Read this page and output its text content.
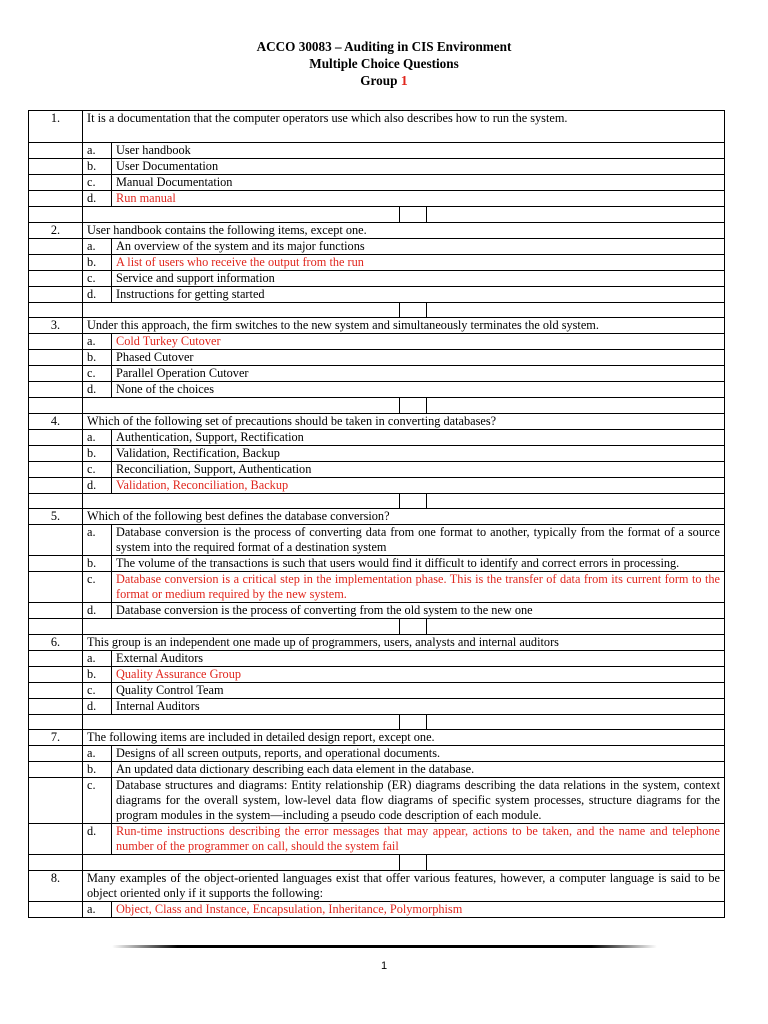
ACCO 30083 – Auditing in CIS Environment
Multiple Choice Questions
Group 1
1.	It is a documentation that the computer operators use which also describes how to run the system.			
	a.	User handbook		
	b.	User Documentation		
	c.	Manual Documentation		
	d.	Run manual		

2.	User handbook contains the following items, except one.			
	a.	An overview of the system and its major functions		
	b.	A list of users who receive the output from the run		
	c.	Service and support information		
	d.	Instructions for getting started		

3.	Under this approach, the firm switches to the new system and simultaneously terminates the old system.			
	a.	Cold Turkey Cutover		
	b.	Phased Cutover		
	c.	Parallel Operation Cutover		
	d.	None of the choices		

4.	Which of the following set of precautions should be taken in converting databases?			
	a.	Authentication, Support, Rectification		
	b.	Validation, Rectification, Backup		
	c.	Reconciliation, Support, Authentication		
	d.	Validation, Reconciliation, Backup		

5.	Which of the following best defines the database conversion?			
	a.	Database conversion is the process of converting data from one format to another, typically from the format of a source system into the required format of a destination system		
	b.	The volume of the transactions is such that users would find it difficult to identify and correct errors in processing.		
	c.	Database conversion is a critical step in the implementation phase. This is the transfer of data from its current form to the format or medium required by the new system.		
	d.	Database conversion is the process of converting from the old system to the new one		

6.	This group is an independent one made up of programmers, users, analysts and internal auditors			
	a.	External Auditors		
	b.	Quality Assurance Group		
	c.	Quality Control Team		
	d.	Internal Auditors		

7.	The following items are included in detailed design report, except one.			
	a.	Designs of all screen outputs, reports, and operational documents.		
	b.	An updated data dictionary describing each data element in the database.		
	c.	Database structures and diagrams: Entity relationship (ER) diagrams describing the data relations in the system, context diagrams for the overall system, low-level data flow diagrams of specific system processes, structure diagrams for the program modules in the system—including a pseudo code description of each module.		
	d.	Run-time instructions describing the error messages that may appear, actions to be taken, and the name and telephone number of the programmer on call, should the system fail		

8.	Many examples of the object-oriented languages exist that offer various features, however, a computer language is said to be object oriented only if it supports the following:			
	a.	Object, Class and Instance, Encapsulation, Inheritance, Polymorphism		
1
